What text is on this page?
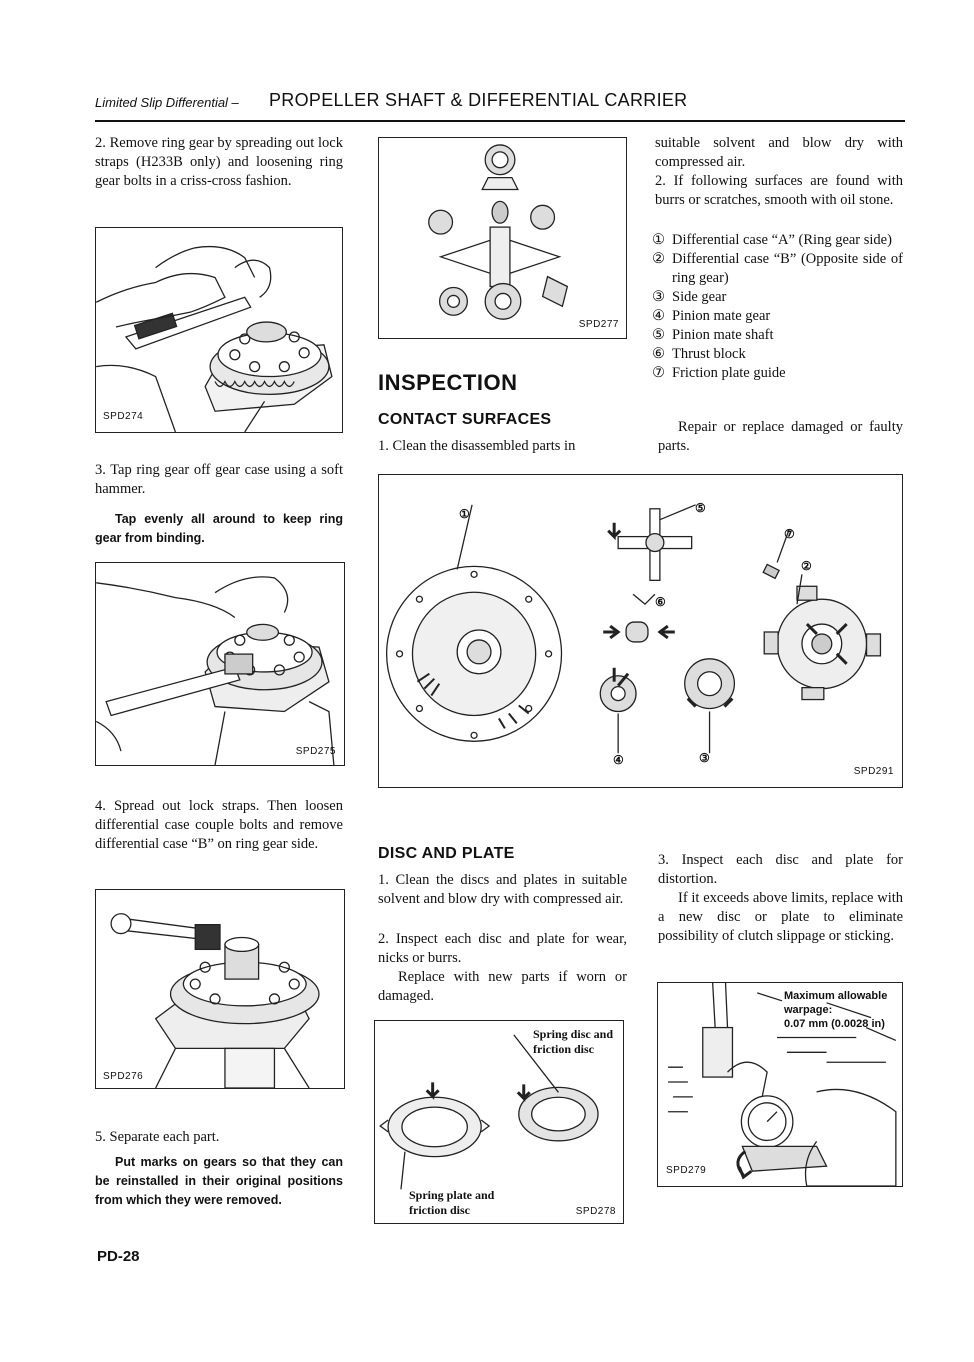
Limited Slip Differential – PROPELLER SHAFT & DIFFERENTIAL CARRIER
2. Remove ring gear by spreading out lock straps (H233B only) and loosening ring gear bolts in a criss-cross fashion.
SPD274
3. Tap ring gear off gear case using a soft hammer.
Tap evenly all around to keep ring gear from binding.
SPD275
4. Spread out lock straps. Then loosen differential case couple bolts and remove differential case “B” on ring gear side.
SPD276
5. Separate each part.
Put marks on gears so that they can be reinstalled in their original positions from which they were removed.
SPD277
INSPECTION
CONTACT SURFACES
1. Clean the disassembled parts in
suitable solvent and blow dry with compressed air.
2. If following surfaces are found with burrs or scratches, smooth with oil stone.
① Differential case “A” (Ring gear side)
② Differential case “B” (Opposite side of ring gear)
③ Side gear
④ Pinion mate gear
⑤ Pinion mate shaft
⑥ Thrust block
⑦ Friction plate guide
Repair or replace damaged or faulty parts.
①
②
③
④
⑤
⑥
⑦
SPD291
DISC AND PLATE
1. Clean the discs and plates in suitable solvent and blow dry with compressed air.
2. Inspect each disc and plate for wear, nicks or burrs.
Replace with new parts if worn or damaged.
Spring disc and friction disc
Spring plate and friction disc	SPD278
3. Inspect each disc and plate for distortion.
If it exceeds above limits, replace with a new disc or plate to eliminate possibility of clutch slippage or sticking.
Maximum allowable warpage:
0.07 mm (0.0028 in)
SPD279
PD-28
